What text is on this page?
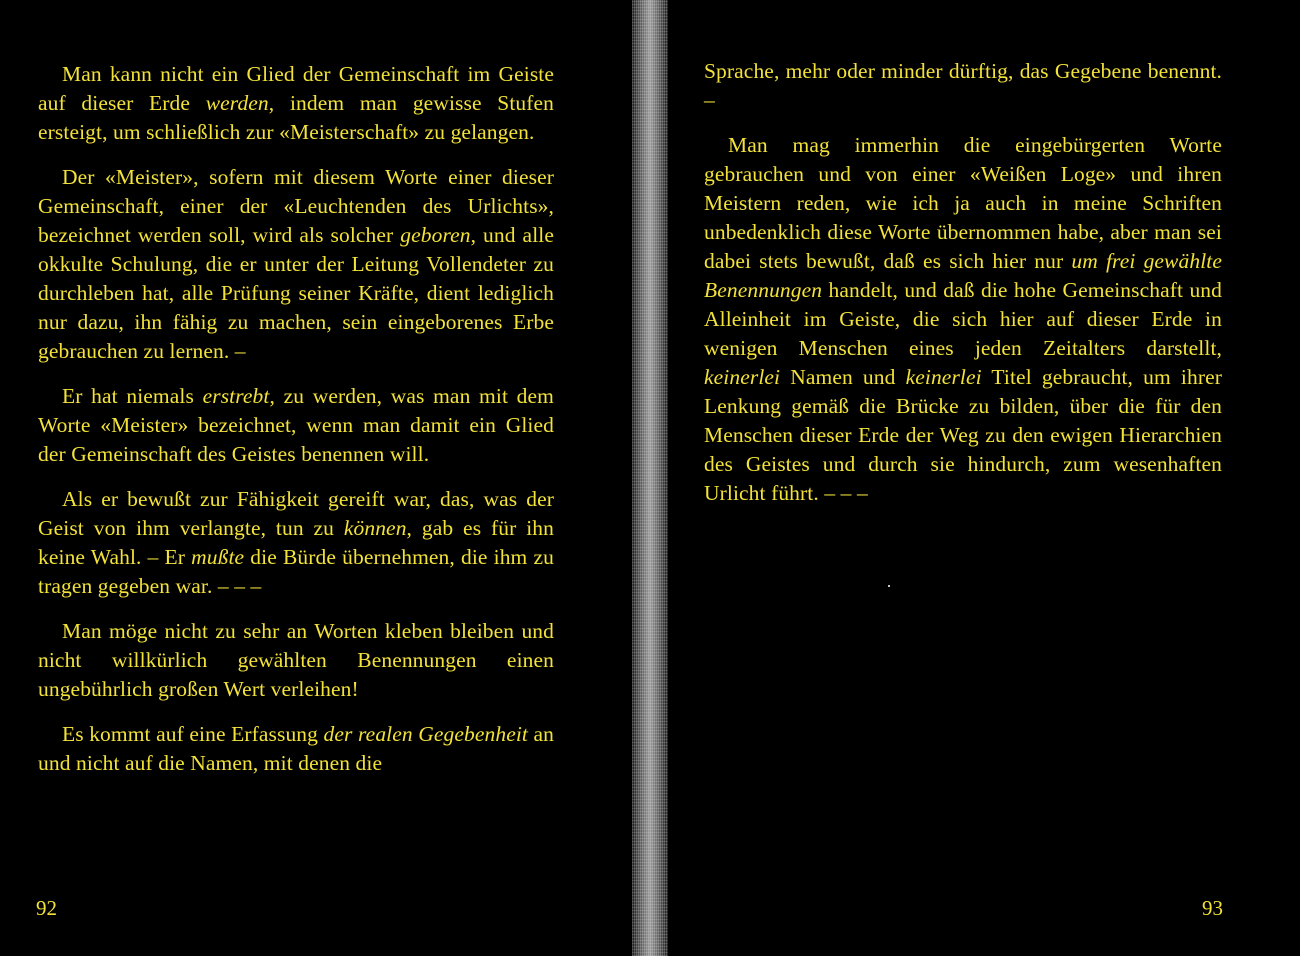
Man kann nicht ein Glied der Gemeinschaft im Geiste auf dieser Erde werden, indem man gewisse Stufen ersteigt, um schließlich zur «Meisterschaft» zu gelangen.

Der «Meister», sofern mit diesem Worte einer dieser Gemeinschaft, einer der «Leuchtenden des Urlichts», bezeichnet werden soll, wird als solcher geboren, und alle okkulte Schulung, die er unter der Leitung Vollendeter zu durchleben hat, alle Prüfung seiner Kräfte, dient lediglich nur dazu, ihn fähig zu machen, sein eingeborenes Erbe gebrauchen zu lernen. –

Er hat niemals erstrebt, zu werden, was man mit dem Worte «Meister» bezeichnet, wenn man damit ein Glied der Gemeinschaft des Geistes benennen will.

Als er bewußt zur Fähigkeit gereift war, das, was der Geist von ihm verlangte, tun zu können, gab es für ihn keine Wahl. – Er mußte die Bürde übernehmen, die ihm zu tragen gegeben war. – – –

Man möge nicht zu sehr an Worten kleben bleiben und nicht willkürlich gewählten Benennungen einen ungebührlich großen Wert verleihen!

Es kommt auf eine Erfassung der realen Gegebenheit an und nicht auf die Namen, mit denen die

92

Sprache, mehr oder minder dürftig, das Gegebene benennt. –

Man mag immerhin die eingebürgerten Worte gebrauchen und von einer «Weißen Loge» und ihren Meistern reden, wie ich ja auch in meine Schriften unbedenklich diese Worte übernommen habe, aber man sei dabei stets bewußt, daß es sich hier nur um frei gewählte Benennungen handelt, und daß die hohe Gemeinschaft und Alleinheit im Geiste, die sich hier auf dieser Erde in wenigen Menschen eines jeden Zeitalters darstellt, keinerlei Namen und keinerlei Titel gebraucht, um ihrer Lenkung gemäß die Brücke zu bilden, über die für den Menschen dieser Erde der Weg zu den ewigen Hierarchien des Geistes und durch sie hindurch, zum wesenhaften Urlicht führt. – – –

93
